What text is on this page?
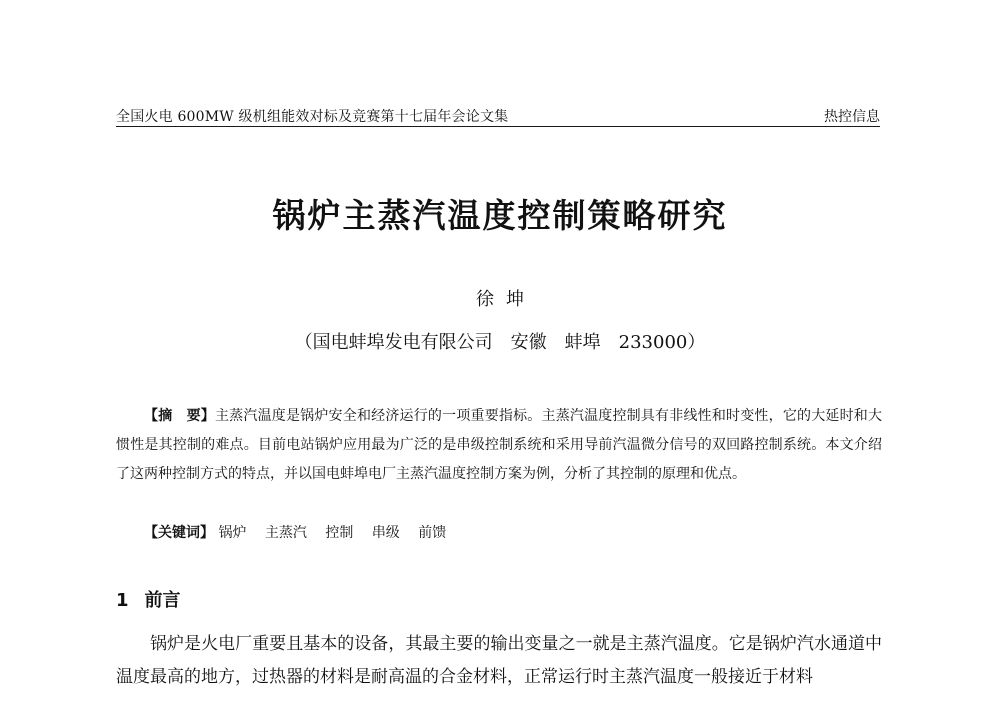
全国火电 600MW 级机组能效对标及竞赛第十七届年会论文集	热控信息
锅炉主蒸汽温度控制策略研究
徐坤
（国电蚌埠发电有限公司　安徽　蚌埠　233000）
【摘　要】主蒸汽温度是锅炉安全和经济运行的一项重要指标。主蒸汽温度控制具有非线性和时变性，它的大延时和大惯性是其控制的难点。目前电站锅炉应用最为广泛的是串级控制系统和采用导前汽温微分信号的双回路控制系统。本文介绍了这两种控制方式的特点，并以国电蚌埠电厂主蒸汽温度控制方案为例，分析了其控制的原理和优点。
【关键词】 锅炉 主蒸汽 控制 串级 前馈
1 前言
锅炉是火电厂重要且基本的设备，其最主要的输出变量之一就是主蒸汽温度。它是锅炉汽水通道中温度最高的地方，过热器的材料是耐高温的合金材料，正常运行时主蒸汽温度一般接近于材料
